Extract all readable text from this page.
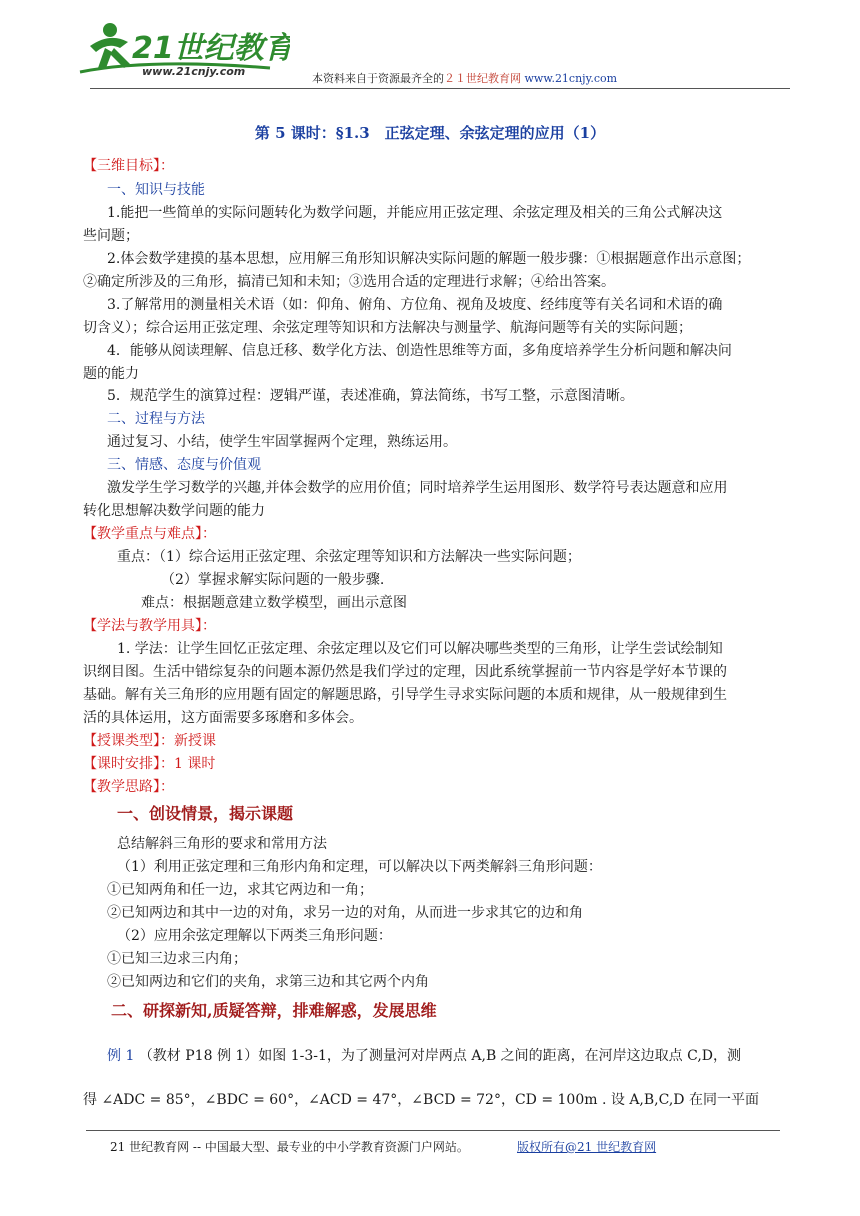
21世纪教育
www.21cnjy.com
本资料来自于资源最齐全的２１世纪教育网 www.21cnjy.com
第 5 课时：§1.3　正弦定理、余弦定理的应用（1）
【三维目标】：
一、知识与技能
1.能把一些简单的实际问题转化为数学问题，并能应用正弦定理、余弦定理及相关的三角公式解决这
些问题；
2.体会数学建摸的基本思想，应用解三角形知识解决实际问题的解题一般步骤：①根据题意作出示意图；
②确定所涉及的三角形，搞清已知和未知；③选用合适的定理进行求解；④给出答案。
3.了解常用的测量相关术语（如：仰角、俯角、方位角、视角及坡度、经纬度等有关名词和术语的确
切含义）；综合运用正弦定理、余弦定理等知识和方法解决与测量学、航海问题等有关的实际问题；
4．能够从阅读理解、信息迁移、数学化方法、创造性思维等方面，多角度培养学生分析问题和解决问
题的能力
5．规范学生的演算过程：逻辑严谨，表述准确，算法简练，书写工整，示意图清晰。
二、过程与方法
通过复习、小结，使学生牢固掌握两个定理，熟练运用。
三、情感、态度与价值观
激发学生学习数学的兴趣,并体会数学的应用价值；同时培养学生运用图形、数学符号表达题意和应用
转化思想解决数学问题的能力
【教学重点与难点】：
重点：（1）综合运用正弦定理、余弦定理等知识和方法解决一些实际问题；
（2）掌握求解实际问题的一般步骤.
难点：根据题意建立数学模型，画出示意图
【学法与教学用具】：
1. 学法：让学生回忆正弦定理、余弦定理以及它们可以解决哪些类型的三角形，让学生尝试绘制知
识纲目图。生活中错综复杂的问题本源仍然是我们学过的定理，因此系统掌握前一节内容是学好本节课的
基础。解有关三角形的应用题有固定的解题思路，引导学生寻求实际问题的本质和规律，从一般规律到生
活的具体运用，这方面需要多琢磨和多体会。
【授课类型】：新授课
【课时安排】：1 课时
【教学思路】：
一、创设情景，揭示课题
总结解斜三角形的要求和常用方法
（1）利用正弦定理和三角形内角和定理，可以解决以下两类解斜三角形问题：
①已知两角和任一边，求其它两边和一角；
②已知两边和其中一边的对角，求另一边的对角，从而进一步求其它的边和角
（2）应用余弦定理解以下两类三角形问题：
①已知三边求三内角；
②已知两边和它们的夹角，求第三边和其它两个内角
二、研探新知,质疑答辩，排难解惑，发展思维
例 1 （教材 P18 例 1）如图 1-3-1，为了测量河对岸两点 A,B 之间的距离，在河岸这边取点 C,D，测
得 ∠ADC = 85°，∠BDC = 60°，∠ACD = 47°，∠BCD = 72°，CD = 100m . 设 A,B,C,D 在同一平面
21 世纪教育网 -- 中国最大型、最专业的中小学教育资源门户网站。	版权所有@21 世纪教育网
